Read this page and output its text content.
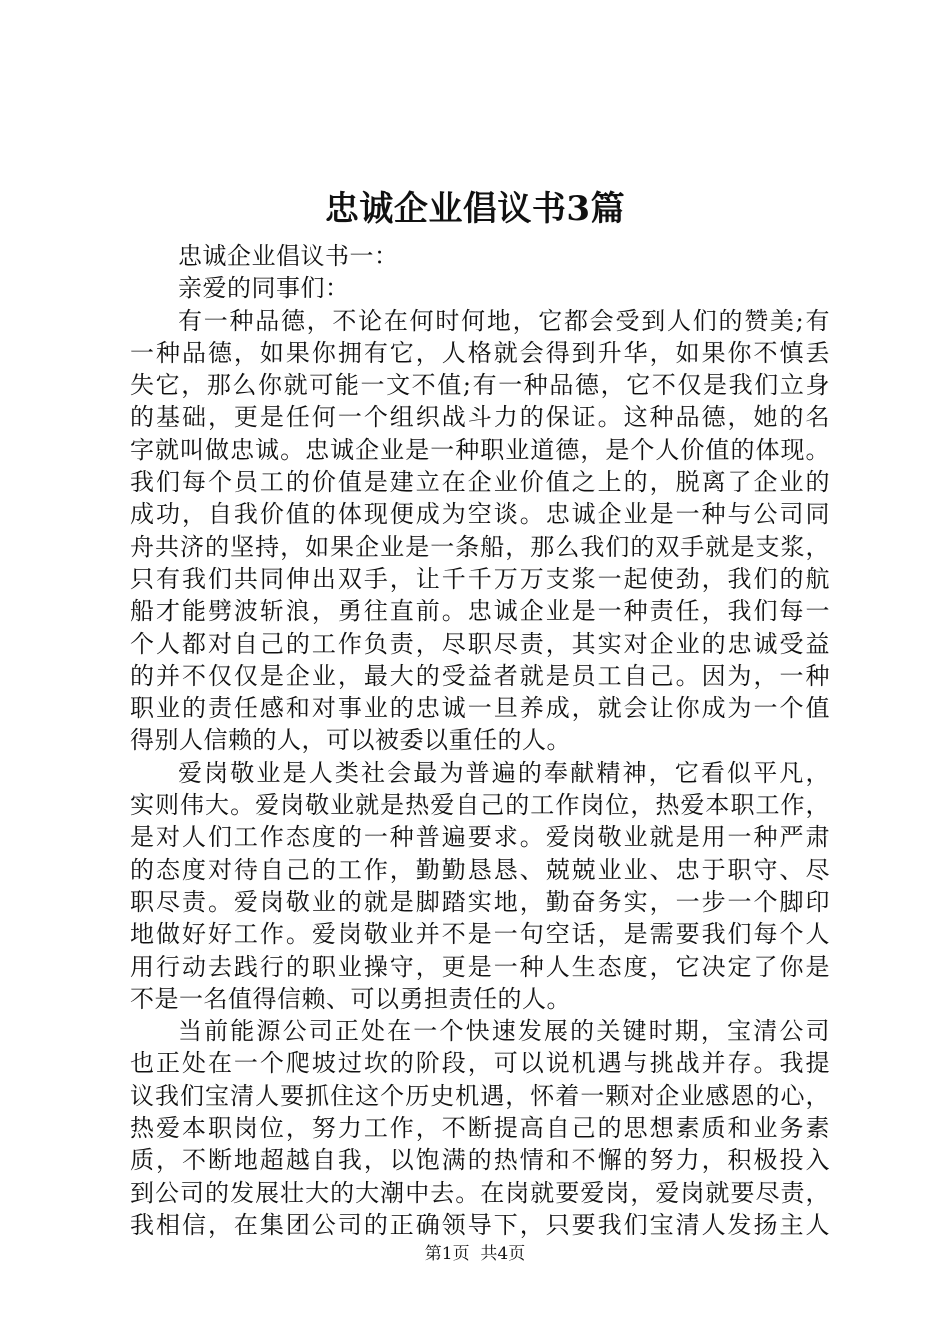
忠诚企业倡议书3篇
忠诚企业倡议书一：
亲爱的同事们：
有一种品德，不论在何时何地，它都会受到人们的赞美;有
一种品德，如果你拥有它，人格就会得到升华，如果你不慎丢
失它，那么你就可能一文不值;有一种品德，它不仅是我们立身
的基础，更是任何一个组织战斗力的保证。这种品德，她的名
字就叫做忠诚。忠诚企业是一种职业道德，是个人价值的体现。
我们每个员工的价值是建立在企业价值之上的，脱离了企业的
成功，自我价值的体现便成为空谈。忠诚企业是一种与公司同
舟共济的坚持，如果企业是一条船，那么我们的双手就是支浆，
只有我们共同伸出双手，让千千万万支浆一起使劲，我们的航
船才能劈波斩浪，勇往直前。忠诚企业是一种责任，我们每一
个人都对自己的工作负责，尽职尽责，其实对企业的忠诚受益
的并不仅仅是企业，最大的受益者就是员工自己。因为，一种
职业的责任感和对事业的忠诚一旦养成，就会让你成为一个值
得别人信赖的人，可以被委以重任的人。
爱岗敬业是人类社会最为普遍的奉献精神，它看似平凡，
实则伟大。爱岗敬业就是热爱自己的工作岗位，热爱本职工作，
是对人们工作态度的一种普遍要求。爱岗敬业就是用一种严肃
的态度对待自己的工作，勤勤恳恳、兢兢业业、忠于职守、尽
职尽责。爱岗敬业的就是脚踏实地，勤奋务实，一步一个脚印
地做好好工作。爱岗敬业并不是一句空话，是需要我们每个人
用行动去践行的职业操守，更是一种人生态度，它决定了你是
不是一名值得信赖、可以勇担责任的人。
当前能源公司正处在一个快速发展的关键时期，宝清公司
也正处在一个爬坡过坎的阶段，可以说机遇与挑战并存。我提
议我们宝清人要抓住这个历史机遇，怀着一颗对企业感恩的心，
热爱本职岗位，努力工作，不断提高自己的思想素质和业务素
质，不断地超越自我，以饱满的热情和不懈的努力，积极投入
到公司的发展壮大的大潮中去。在岗就要爱岗，爱岗就要尽责，
我相信，在集团公司的正确领导下，只要我们宝清人发扬主人
第1页 共4页
